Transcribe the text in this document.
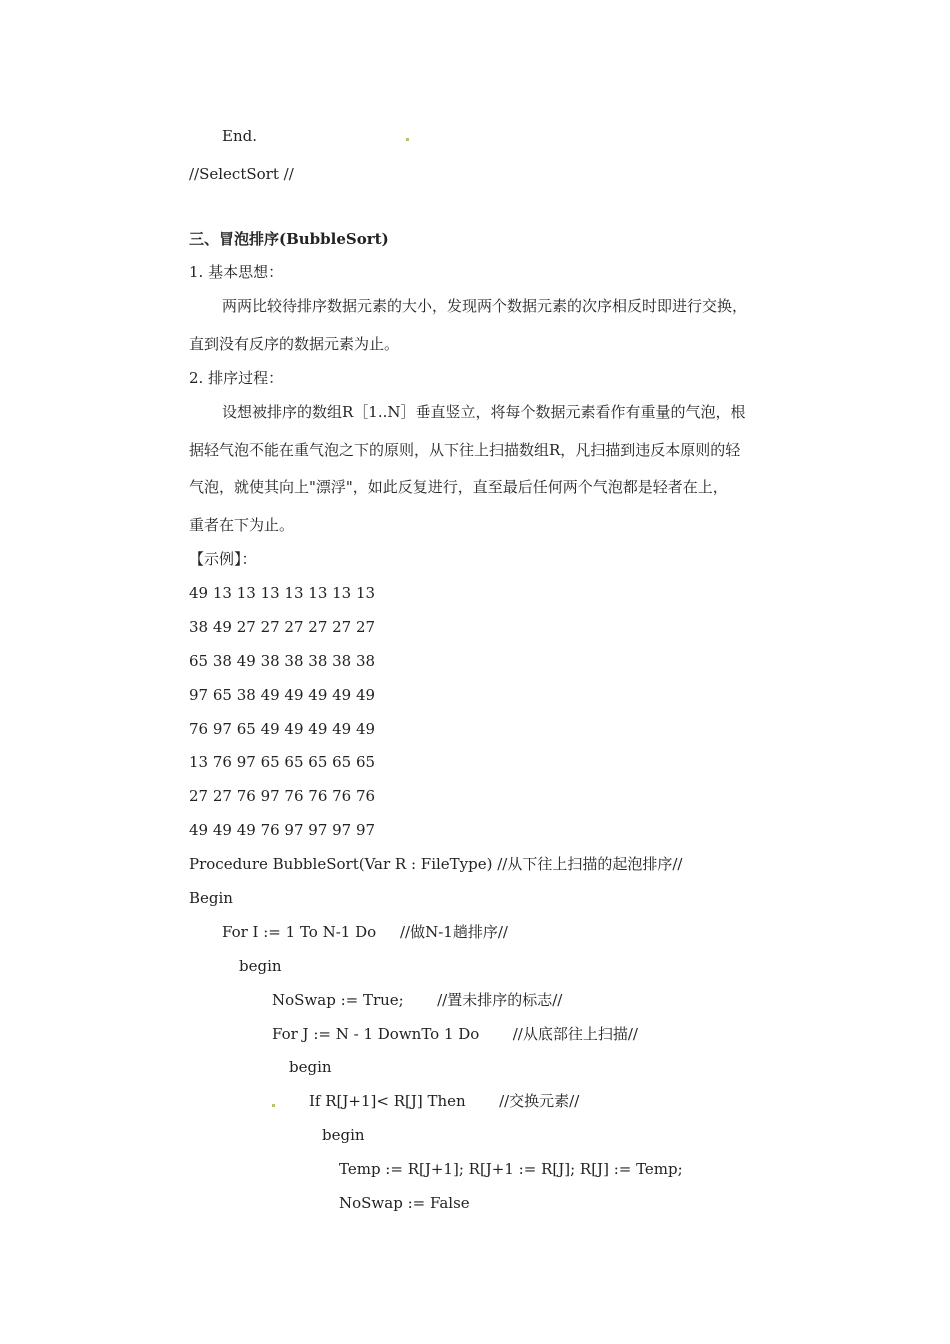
End.
//SelectSort //
三、冒泡排序(BubbleSort)
1. 基本思想：
两两比较待排序数据元素的大小，发现两个数据元素的次序相反时即进行交换，
直到没有反序的数据元素为止。
2. 排序过程：
设想被排序的数组R［1..N］垂直竖立，将每个数据元素看作有重量的气泡，根
据轻气泡不能在重气泡之下的原则，从下往上扫描数组R，凡扫描到违反本原则的轻
气泡，就使其向上"漂浮"，如此反复进行，直至最后任何两个气泡都是轻者在上，
重者在下为止。
【示例】：
49 13 13 13 13 13 13 13
38 49 27 27 27 27 27 27
65 38 49 38 38 38 38 38
97 65 38 49 49 49 49 49
76 97 65 49 49 49 49 49
13 76 97 65 65 65 65 65
27 27 76 97 76 76 76 76
49 49 49 76 97 97 97 97
Procedure BubbleSort(Var R : FileType) //从下往上扫描的起泡排序//
Begin
For I := 1 To N-1 Do     //做N-1趟排序//
begin
NoSwap := True;       //置未排序的标志//
For J := N - 1 DownTo 1 Do       //从底部往上扫描//
begin
If R[J+1]< R[J] Then       //交换元素//
begin
Temp := R[J+1]; R[J+1 := R[J]; R[J] := Temp;
NoSwap := False
